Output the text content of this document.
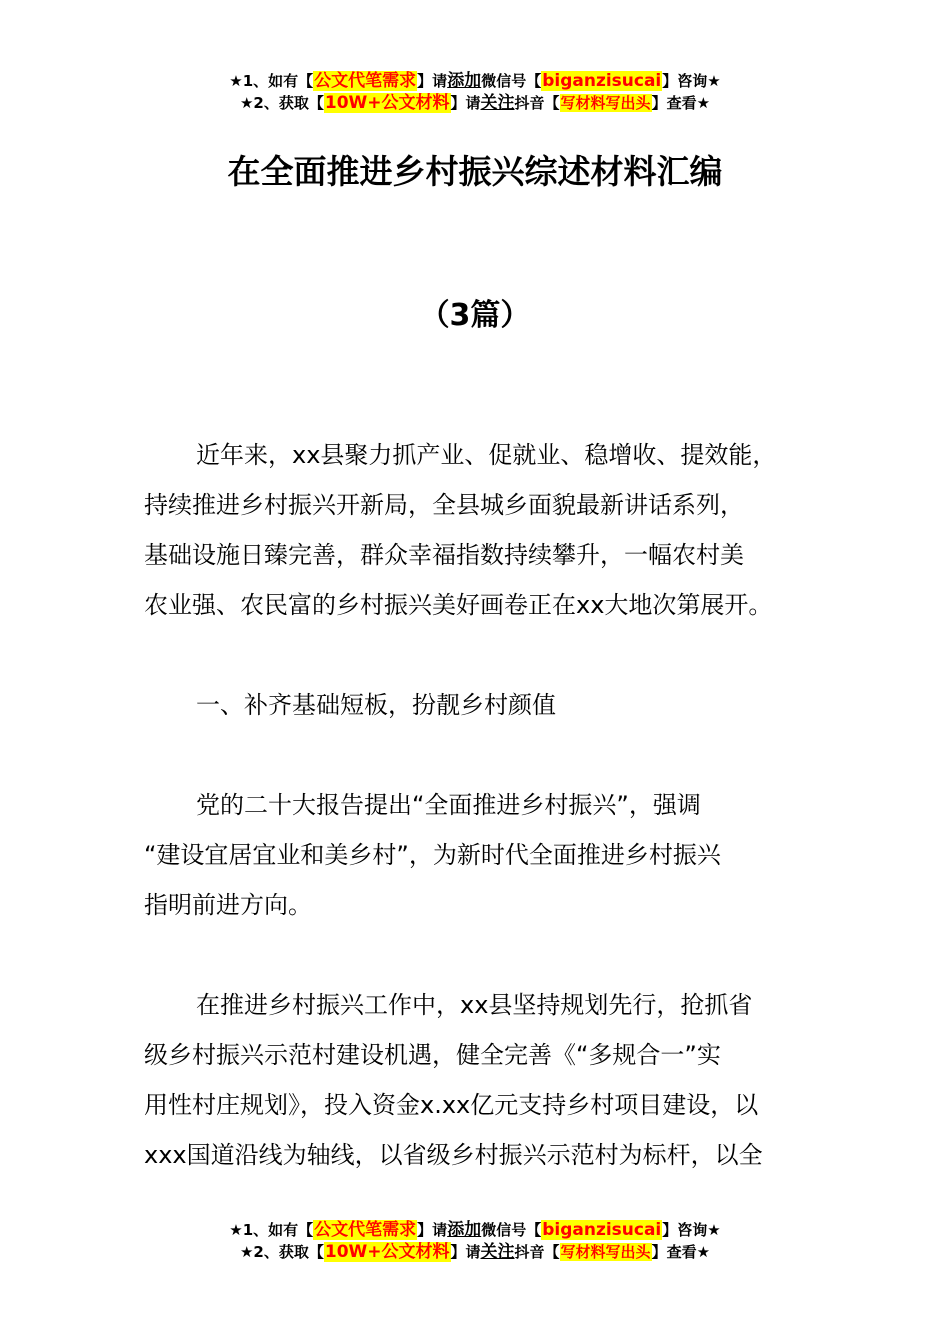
★1、如有【公文代笔需求】请添加微信号【biganzisucai】咨询★
★2、获取【10W+公文材料】请关注抖音【写材料写出头】查看★
在全面推进乡村振兴综述材料汇编
（3篇）
近年来，xx县聚力抓产业、促就业、稳增收、提效能，
持续推进乡村振兴开新局，全县城乡面貌最新讲话系列，
基础设施日臻完善，群众幸福指数持续攀升，一幅农村美
农业强、农民富的乡村振兴美好画卷正在xx大地次第展开。
一、补齐基础短板，扮靓乡村颜值
党的二十大报告提出“全面推进乡村振兴”，强调
“建设宜居宜业和美乡村”，为新时代全面推进乡村振兴
指明前进方向。
在推进乡村振兴工作中，xx县坚持规划先行，抢抓省
级乡村振兴示范村建设机遇，健全完善《“多规合一”实
用性村庄规划》，投入资金x.xx亿元支持乡村项目建设，以
xxx国道沿线为轴线，以省级乡村振兴示范村为标杆，以全
★1、如有【公文代笔需求】请添加微信号【biganzisucai】咨询★
★2、获取【10W+公文材料】请关注抖音【写材料写出头】查看★
